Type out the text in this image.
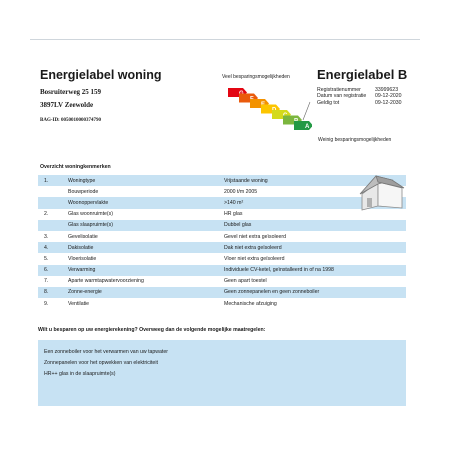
Energielabel woning
Bosruiterweg 25 159
3897LV Zeewolde
BAG-ID: 0050010000374790
Veel besparingsmogelijkheden
A
Weinig besparingsmogelijkheden
Energielabel B
Registratienummer	33999623
Datum van registratie	09-12-2020
Geldig tot	09-12-2030
Overzicht woningkenmerken
1.	Woningtype	Vrijstaande woning
	Bouwperiode	2000 t/m 2005
	Woonoppervlakte	>140 m²
2.	Glas woonruimte(s)	HR glas
	Glas slaapruimte(s)	Dubbel glas
3.	Gevelisolatie	Gevel niet extra geïsoleerd
4.	Dakisolatie	Dak niet extra geïsoleerd
5.	Vloerisolatie	Vloer niet extra geïsoleerd
6.	Verwarming	Individuele CV-ketel, geïnstalleerd in of na 1998
7.	Aparte warmtapwatervoorziening	Geen apart toestel
8.	Zonne-energie	Geen zonnepanelen en geen zonneboiler
9.	Ventilatie	Mechanische afzuiging
Wilt u besparen op uw energierekening? Overweeg dan de volgende mogelijke maatregelen:
Een zonneboiler voor het verwarmen van uw tapwater
Zonnepanelen voor het opwekken van elektriciteit
HR++ glas in de slaapruimte(s)
